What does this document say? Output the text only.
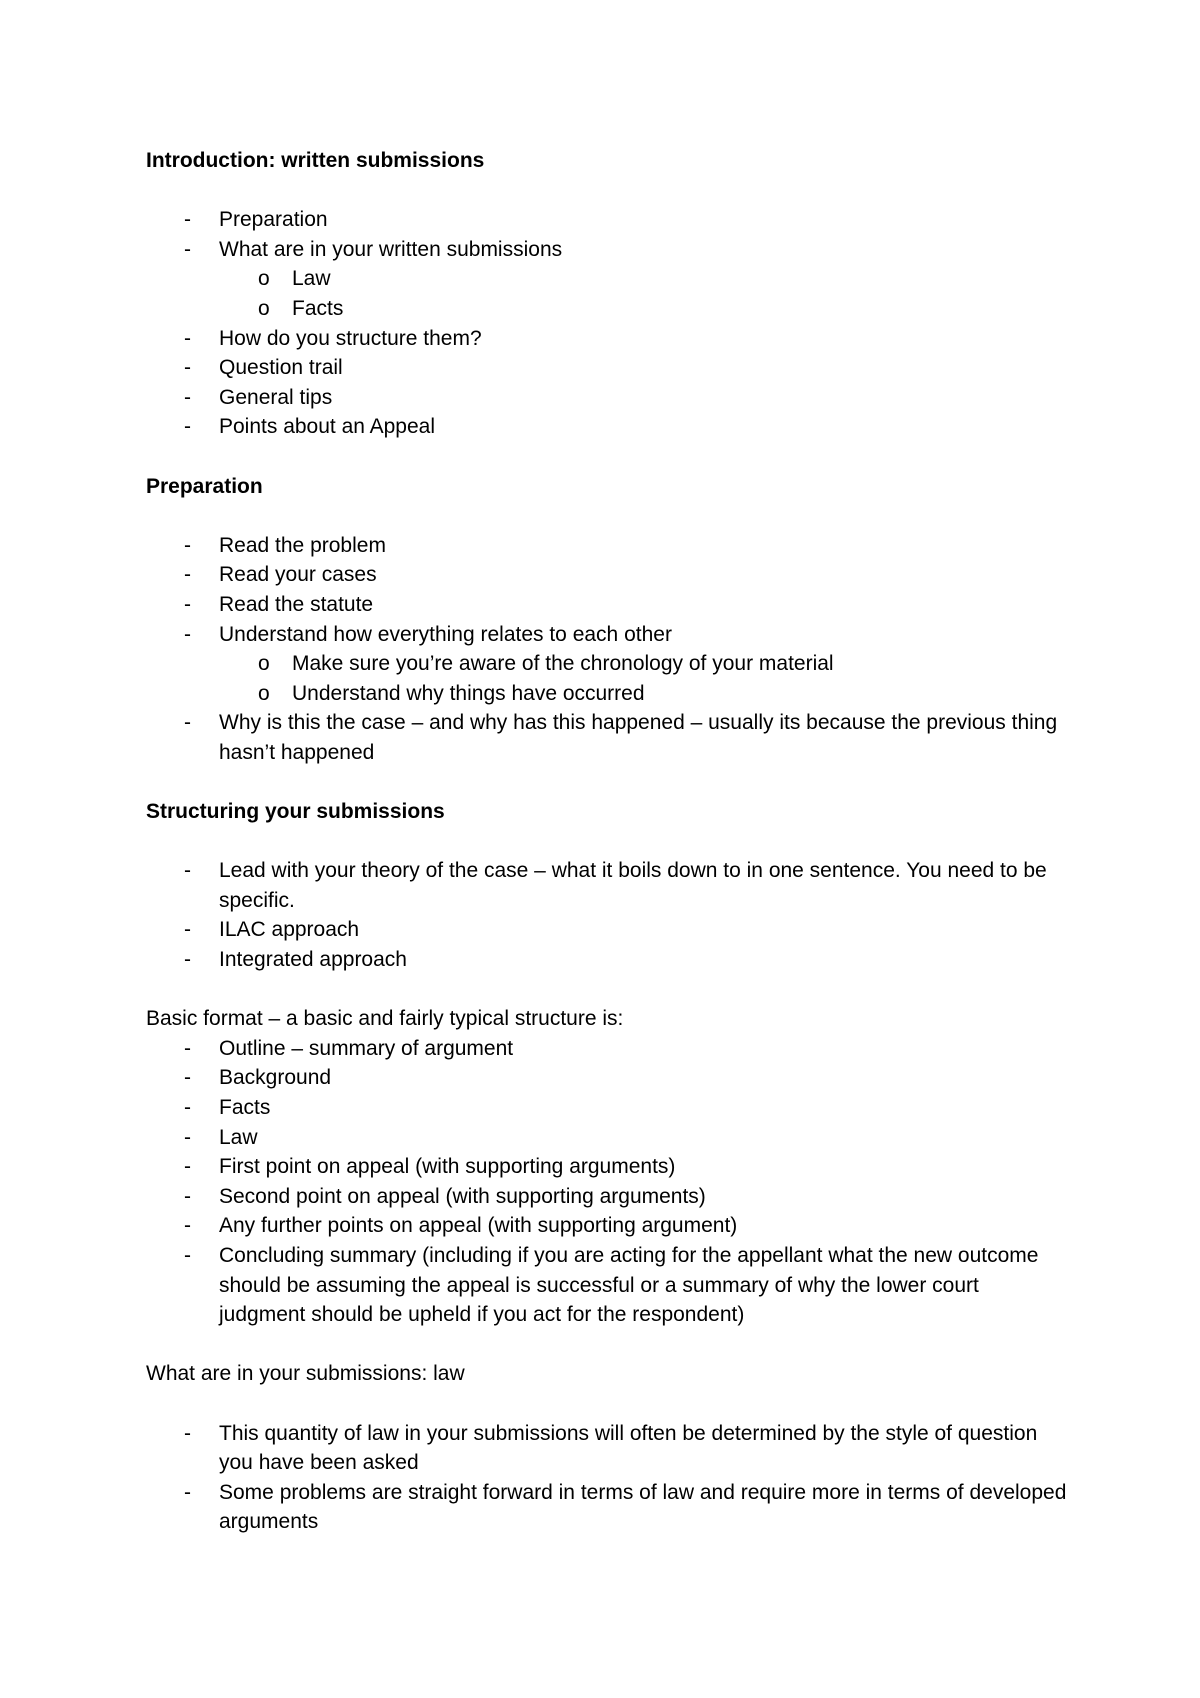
Introduction: written submissions

- Preparation
- What are in your written submissions
o Law
o Facts
- How do you structure them?
- Question trail
- General tips
- Points about an Appeal

Preparation

- Read the problem
- Read your cases
- Read the statute
- Understand how everything relates to each other
o Make sure you’re aware of the chronology of your material
o Understand why things have occurred
- Why is this the case – and why has this happened – usually its because the previous thing hasn’t happened

Structuring your submissions

- Lead with your theory of the case – what it boils down to in one sentence. You need to be specific.
- ILAC approach
- Integrated approach

Basic format – a basic and fairly typical structure is:

- Outline – summary of argument
- Background
- Facts
- Law
- First point on appeal (with supporting arguments)
- Second point on appeal (with supporting arguments)
- Any further points on appeal (with supporting argument)
- Concluding summary (including if you are acting for the appellant what the new outcome should be assuming the appeal is successful or a summary of why the lower court judgment should be upheld if you act for the respondent)

What are in your submissions: law

- This quantity of law in your submissions will often be determined by the style of question you have been asked
- Some problems are straight forward in terms of law and require more in terms of developed arguments
